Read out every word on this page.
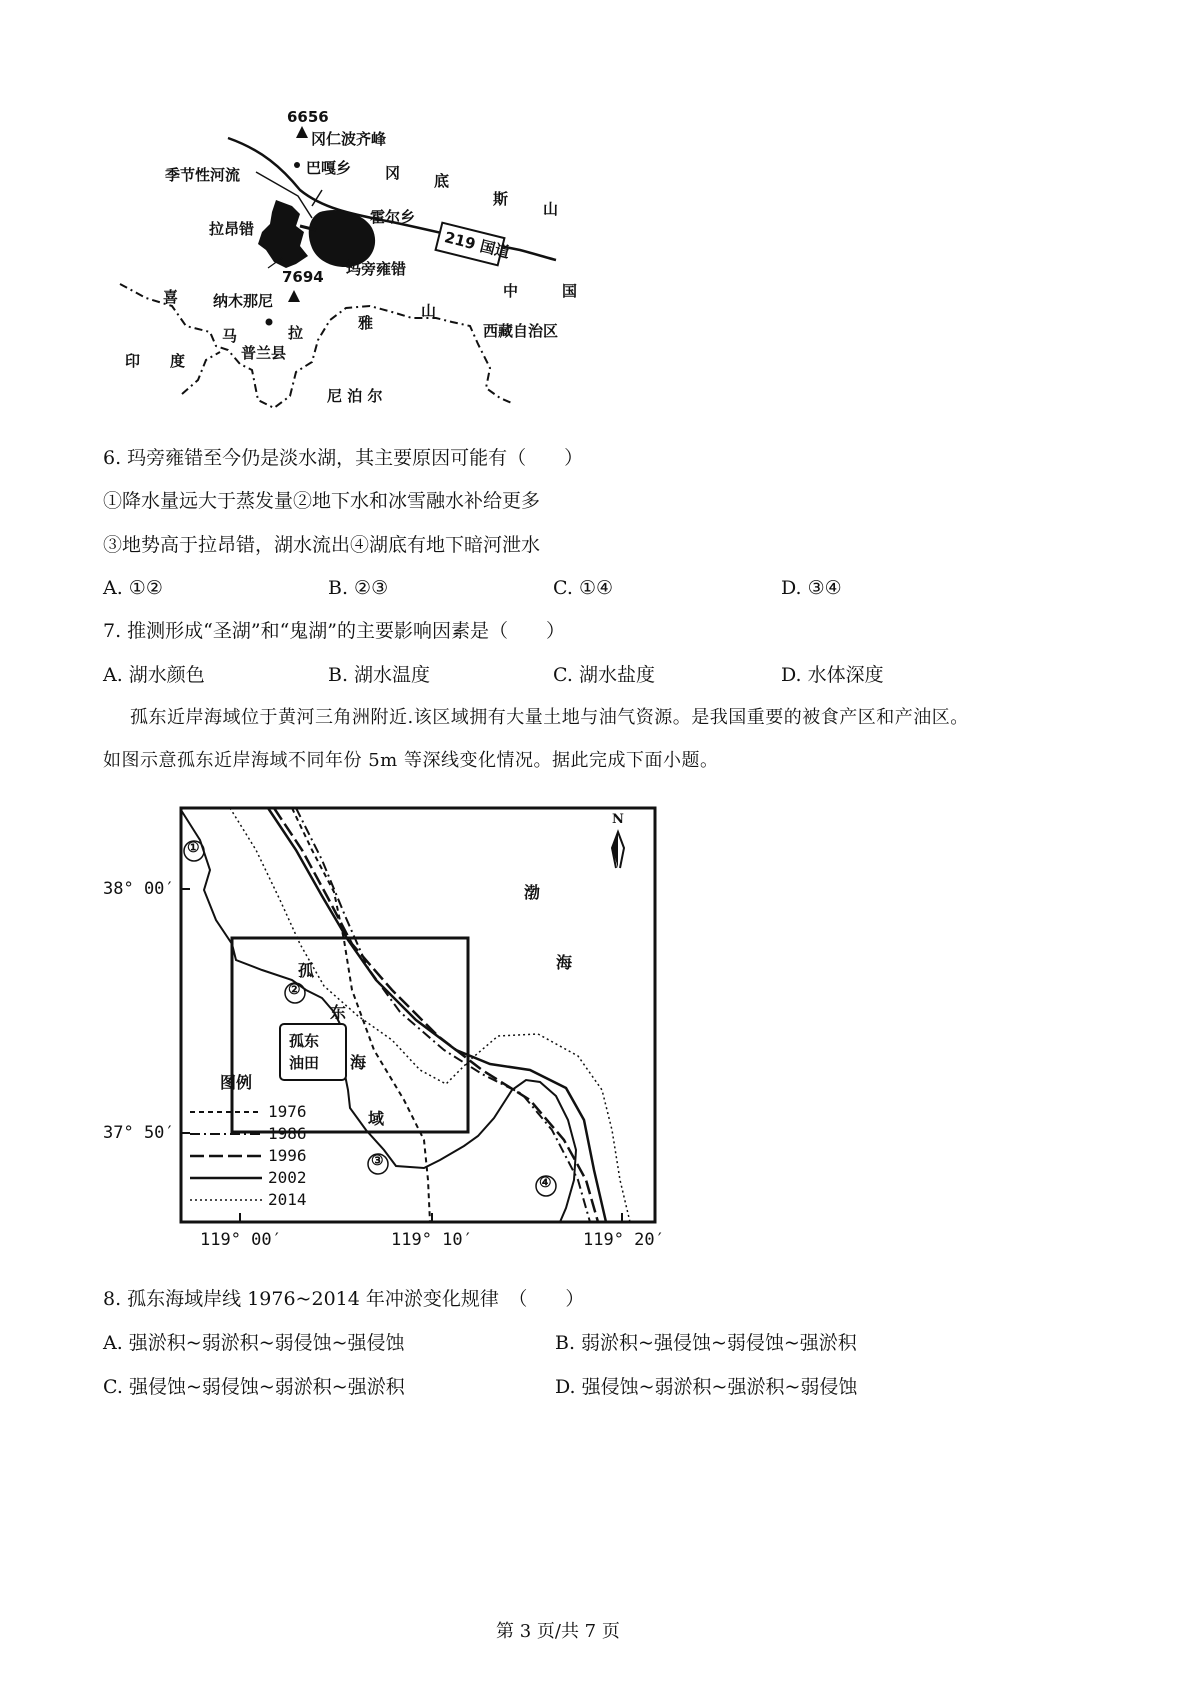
6656
冈仁波齐峰
巴嘎乡
季节性河流	冈 底
斯
山
霍尔乡
219 国道
拉昂错
7694 玛旁雍错
中	国
纳木那尼
喜
马	拉
雅
山
西藏自治区
印 度	普兰县
尼 泊 尔
6. 玛旁雍错至今仍是淡水湖，其主要原因可能有（　　）
①降水量远大于蒸发量②地下水和冰雪融水补给更多
③地势高于拉昂错，湖水流出④湖底有地下暗河泄水
A. ①②	B. ②③	C. ①④	D. ③④
7. 推测形成“圣湖”和“鬼湖”的主要影响因素是（　　）
A. 湖水颜色	B. 湖水温度	C. 湖水盐度	D. 水体深度
孤东近岸海域位于黄河三角洲附近.该区域拥有大量土地与油气资源。是我国重要的被食产区和产油区。
如图示意孤东近岸海域不同年份 5m 等深线变化情况。据此完成下面小题。
N
①
②
③
④
渤
海
孤
东
海
域
孤东
油田
图例
1976
1986
1996
2002
2014
38° 00′
37° 50′
119° 00′	119° 10′	119° 20′
8. 孤东海域岸线 1976~2014 年冲淤变化规律　（　　）
A. 强淤积~弱淤积~弱侵蚀~强侵蚀	B. 弱淤积~强侵蚀~弱侵蚀~强淤积
C. 强侵蚀~弱侵蚀~弱淤积~强淤积	D. 强侵蚀~弱淤积~强淤积~弱侵蚀
第 3 页/共 7 页
